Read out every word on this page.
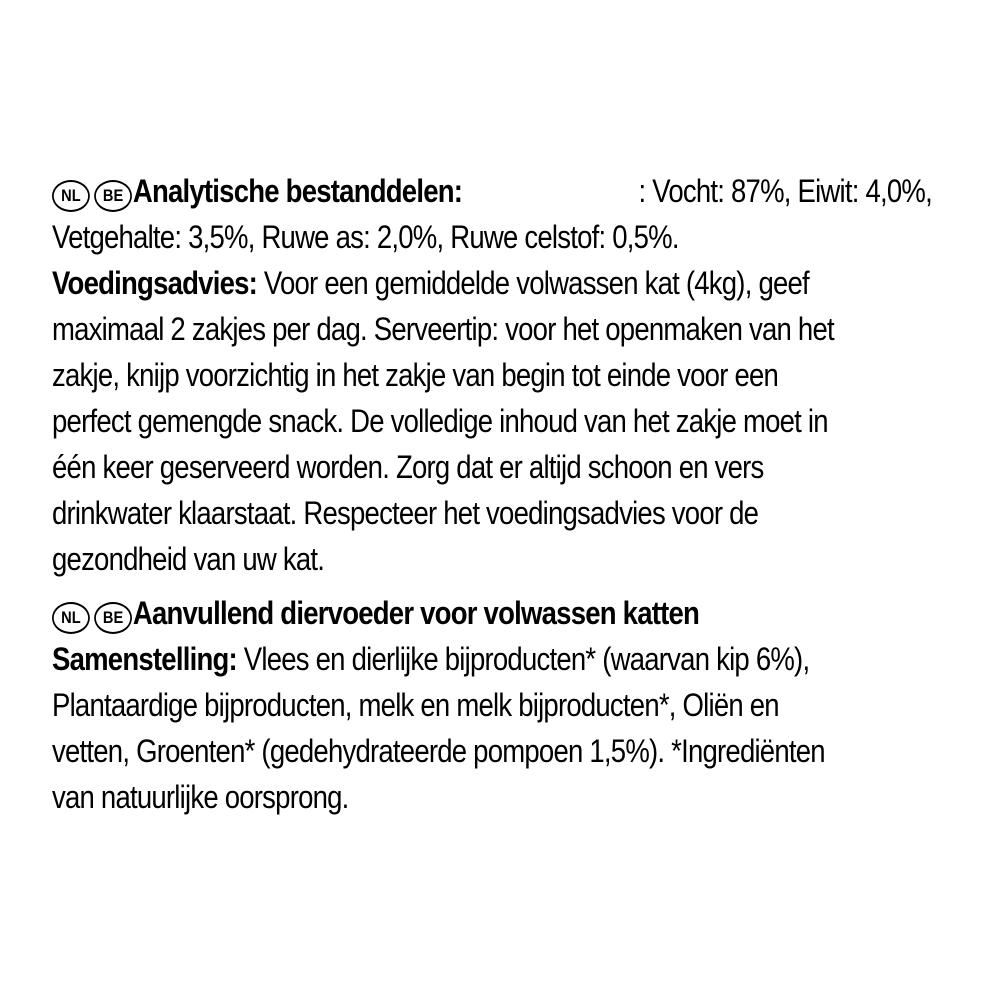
NL BE Analytische bestanddelen:	: Vocht: 87%, Eiwit: 4,0%,
Vetgehalte: 3,5%, Ruwe as: 2,0%, Ruwe celstof: 0,5%.
Voedingsadvies: Voor een gemiddelde volwassen kat (4kg), geef
maximaal 2 zakjes per dag. Serveertip: voor het openmaken van het
zakje, knijp voorzichtig in het zakje van begin tot einde voor een
perfect gemengde snack. De volledige inhoud van het zakje moet in
één keer geserveerd worden. Zorg dat er altijd schoon en vers
drinkwater klaarstaat. Respecteer het voedingsadvies voor de
gezondheid van uw kat.
NL BE Aanvullend diervoeder voor volwassen katten
Samenstelling: Vlees en dierlijke bijproducten* (waarvan kip 6%),
Plantaardige bijproducten, melk en melk bijproducten*, Oliën en
vetten, Groenten* (gedehydrateerde pompoen 1,5%). *Ingrediënten
van natuurlijke oorsprong.
